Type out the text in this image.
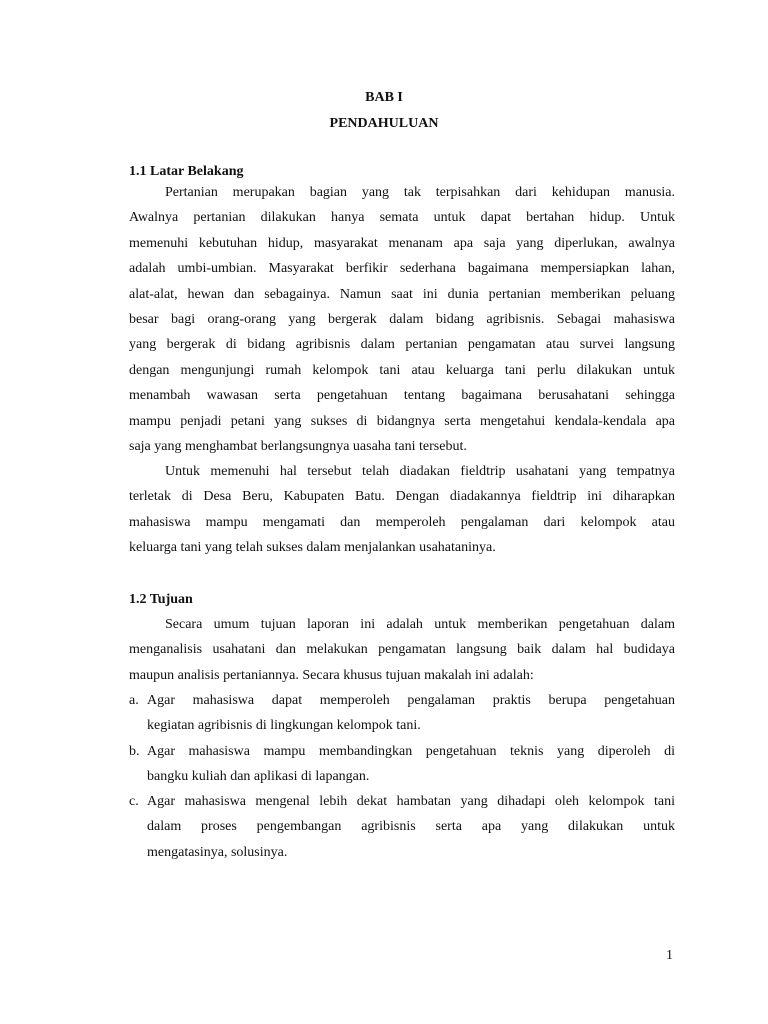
BAB I
PENDAHULUAN
1.1 Latar Belakang
Pertanian merupakan bagian yang tak terpisahkan dari kehidupan manusia.
Awalnya pertanian dilakukan hanya semata untuk dapat bertahan hidup. Untuk
memenuhi kebutuhan hidup, masyarakat menanam apa saja yang diperlukan, awalnya
adalah umbi-umbian. Masyarakat berfikir sederhana bagaimana mempersiapkan lahan,
alat-alat, hewan dan sebagainya. Namun saat ini dunia pertanian memberikan peluang
besar bagi orang-orang yang bergerak dalam bidang agribisnis. Sebagai mahasiswa
yang bergerak di bidang agribisnis dalam pertanian pengamatan atau survei langsung
dengan mengunjungi rumah kelompok tani atau keluarga tani perlu dilakukan untuk
menambah wawasan serta pengetahuan tentang bagaimana berusahatani sehingga
mampu penjadi petani yang sukses di bidangnya serta mengetahui kendala-kendala apa
saja yang menghambat berlangsungnya uasaha tani tersebut.
Untuk memenuhi hal tersebut telah diadakan fieldtrip usahatani yang tempatnya
terletak di Desa Beru, Kabupaten Batu. Dengan diadakannya fieldtrip ini diharapkan
mahasiswa mampu mengamati dan memperoleh pengalaman dari kelompok atau
keluarga tani yang telah sukses dalam menjalankan usahataninya.
1.2 Tujuan
Secara umum tujuan laporan ini adalah untuk memberikan pengetahuan dalam
menganalisis usahatani dan melakukan pengamatan langsung baik dalam hal budidaya
maupun analisis pertaniannya. Secara khusus tujuan makalah ini adalah:
a. Agar mahasiswa dapat memperoleh pengalaman praktis berupa pengetahuan
kegiatan agribisnis di lingkungan kelompok tani.
b. Agar mahasiswa mampu membandingkan pengetahuan teknis yang diperoleh di
bangku kuliah dan aplikasi di lapangan.
c. Agar mahasiswa mengenal lebih dekat hambatan yang dihadapi oleh kelompok tani
dalam proses pengembangan agribisnis serta apa yang dilakukan untuk
mengatasinya, solusinya.
1
